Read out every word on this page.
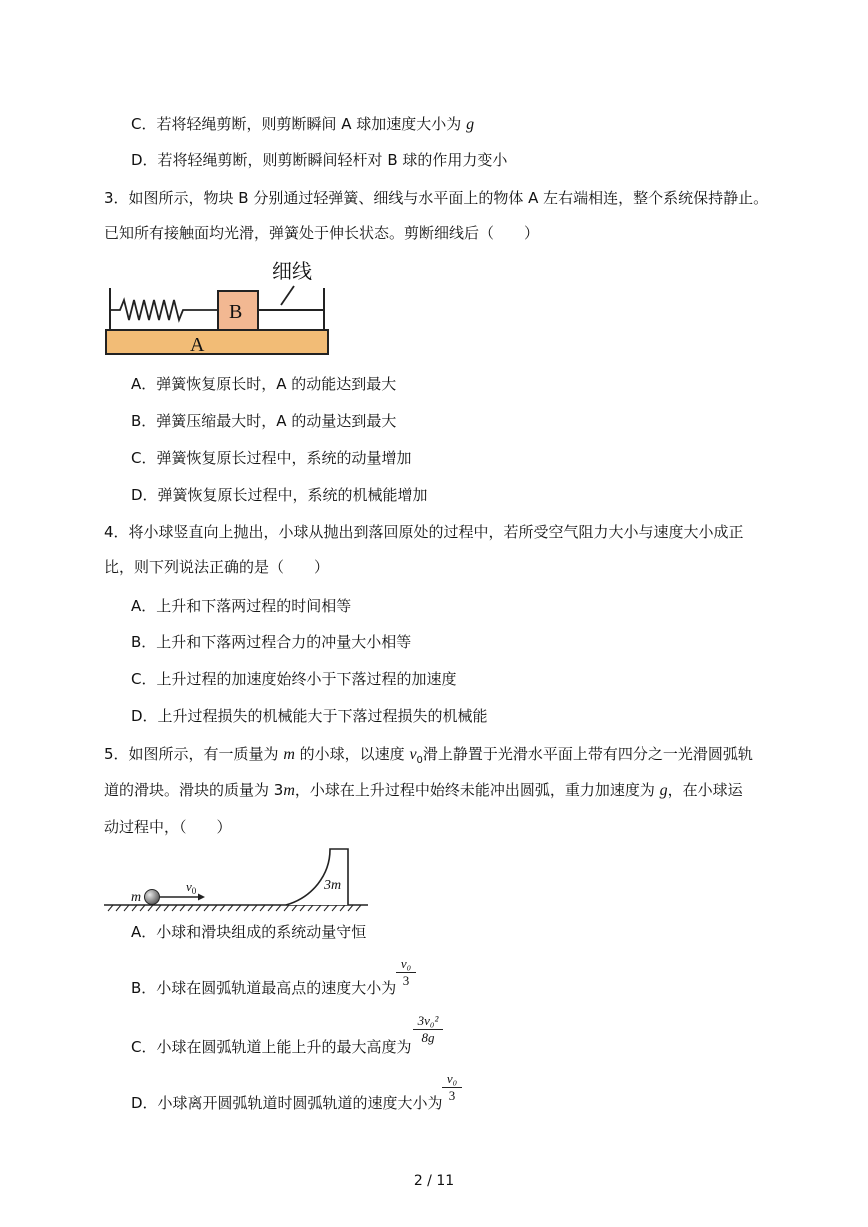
C．若将轻绳剪断，则剪断瞬间 A 球加速度大小为 g
D．若将轻绳剪断，则剪断瞬间轻杆对 B 球的作用力变小
3．如图所示，物块 B 分别通过轻弹簧、细线与水平面上的物体 A 左右端相连，整个系统保持静止。
已知所有接触面均光滑，弹簧处于伸长状态。剪断细线后（　　）
A
B
细线
A．弹簧恢复原长时，A 的动能达到最大
B．弹簧压缩最大时，A 的动量达到最大
C．弹簧恢复原长过程中，系统的动量增加
D．弹簧恢复原长过程中，系统的机械能增加
4．将小球竖直向上抛出，小球从抛出到落回原处的过程中，若所受空气阻力大小与速度大小成正
比，则下列说法正确的是（　　）
A．上升和下落两过程的时间相等
B．上升和下落两过程合力的冲量大小相等
C．上升过程的加速度始终小于下落过程的加速度
D．上升过程损失的机械能大于下落过程损失的机械能
5．如图所示，有一质量为 m 的小球，以速度 $v_0$滑上静置于光滑水平面上带有四分之一光滑圆弧轨
道的滑块。滑块的质量为 3m，小球在上升过程中始终未能冲出圆弧，重力加速度为 g，在小球运
动过程中，（　　）
m
$v_0$	3m
A．小球和滑块组成的系统动量守恒
B．小球在圆弧轨道最高点的速度大小为
v₀
3
C．小球在圆弧轨道上能上升的最大高度为
3v₀²
8g
D．小球离开圆弧轨道时圆弧轨道的速度大小为
v₀
3
2 / 11
